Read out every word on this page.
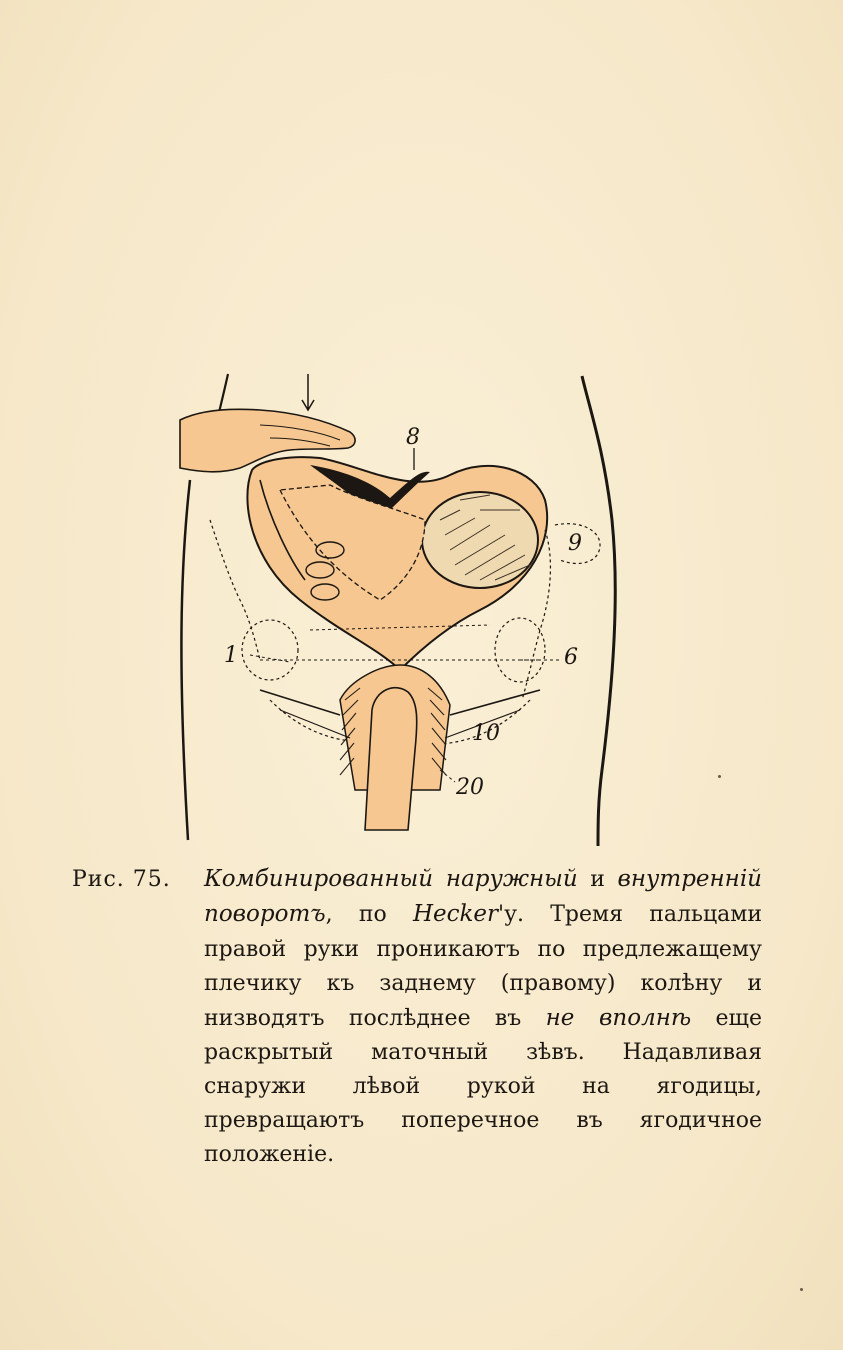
8
9
1	6
10
20
Рис. 75.	Комбинированный наружный и внутренній поворотъ, по Hecker'у. Тремя пальцами правой руки проникаютъ по предлежащему плечику къ заднему (правому) колѣну и низводятъ послѣднее въ не вполнѣ еще раскрытый маточный зѣвъ. Надавливая снаружи лѣвой рукой на ягодицы, превращаютъ поперечное въ ягодичное положеніе.
